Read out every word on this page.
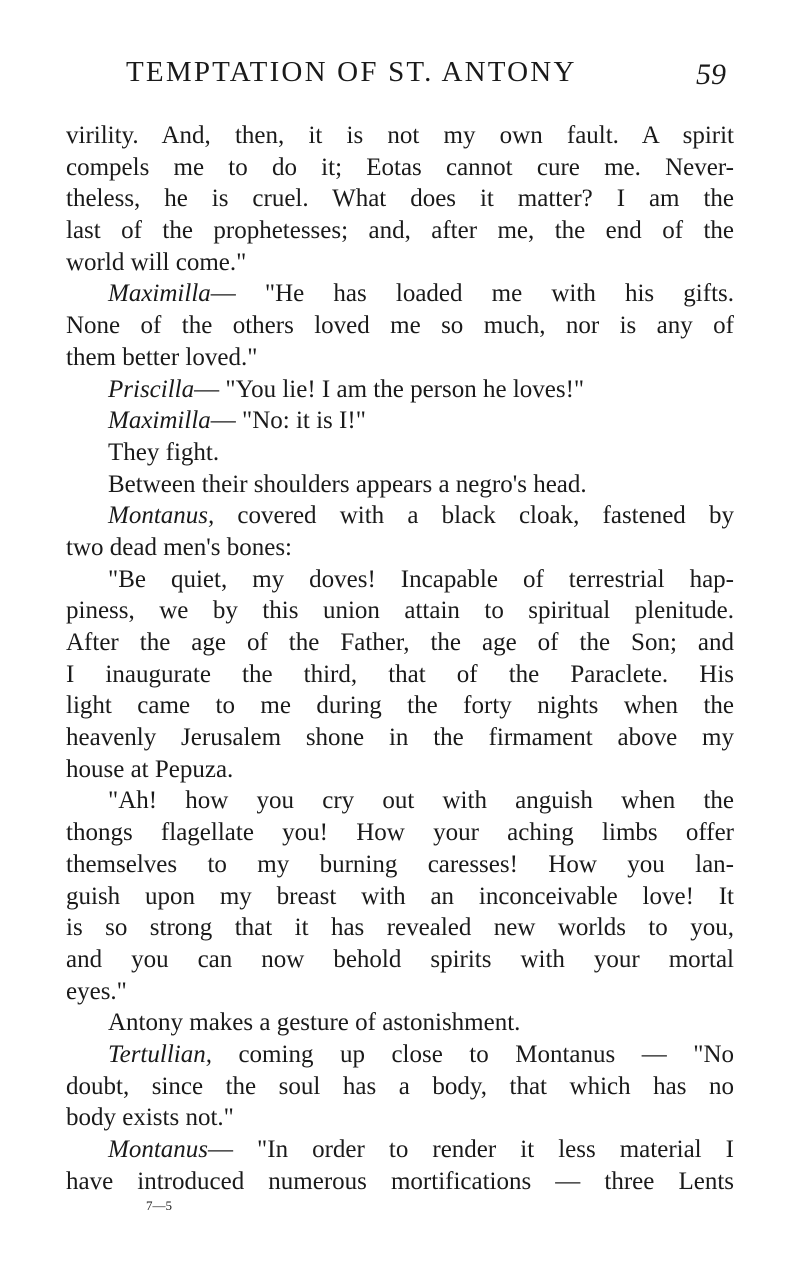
TEMPTATION OF ST. ANTONY	59
virility. And, then, it is not my own fault. A spirit
compels me to do it; Eotas cannot cure me. Never-
theless, he is cruel. What does it matter? I am the
last of the prophetesses; and, after me, the end of the
world will come."
Maximilla— "He has loaded me with his gifts.
None of the others loved me so much, nor is any of
them better loved."
Priscilla— "You lie! I am the person he loves!"
Maximilla— "No: it is I!"
They fight.
Between their shoulders appears a negro's head.
Montanus, covered with a black cloak, fastened by
two dead men's bones:
"Be quiet, my doves! Incapable of terrestrial hap-
piness, we by this union attain to spiritual plenitude.
After the age of the Father, the age of the Son; and
I inaugurate the third, that of the Paraclete. His
light came to me during the forty nights when the
heavenly Jerusalem shone in the firmament above my
house at Pepuza.
"Ah! how you cry out with anguish when the
thongs flagellate you! How your aching limbs offer
themselves to my burning caresses! How you lan-
guish upon my breast with an inconceivable love! It
is so strong that it has revealed new worlds to you,
and you can now behold spirits with your mortal
eyes."
Antony makes a gesture of astonishment.
Tertullian, coming up close to Montanus — "No
doubt, since the soul has a body, that which has no
body exists not."
Montanus— "In order to render it less material I
have introduced numerous mortifications — three Lents
7—5
